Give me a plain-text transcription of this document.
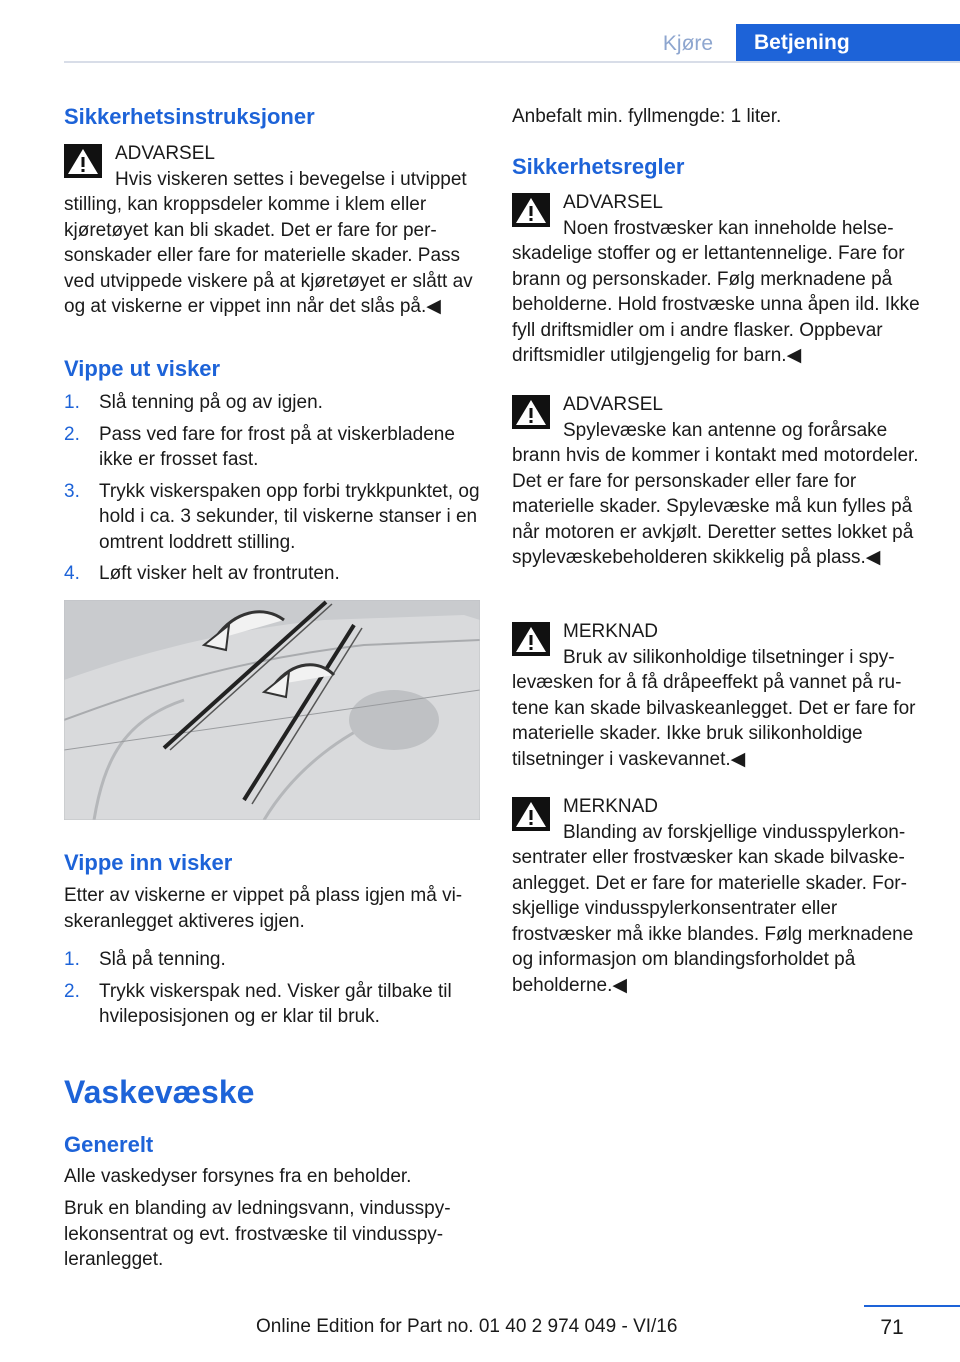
Kjøre	Betjening
Sikkerhetsinstruksjoner
ADVARSEL
Hvis viskeren settes i bevegelse i utvippet stilling, kan kroppsdeler komme i klem eller kjøretøyet kan bli skadet. Det er fare for personskader eller fare for materielle skader. Pass ved utvippede viskere på at kjøretøyet er slått av og at viskerne er vippet inn når det slås på.◀
Vippe ut visker
1. Slå tenning på og av igjen.
2. Pass ved fare for frost på at viskerbladene ikke er frosset fast.
3. Trykk viskerspaken opp forbi trykkpunktet, og hold i ca. 3 sekunder, til viskerne stanser i en omtrent loddrett stilling.
4. Løft visker helt av frontruten.
Vippe inn visker

Etter av viskerne er vippet på plass igjen må viskeranlegget aktiveres igjen.

1. Slå på tenning.
2. Trykk viskerspak ned. Visker går tilbake til hvileposisjonen og er klar til bruk.
Vaskevæske
Generelt

Alle vaskedyser forsynes fra en beholder.

Bruk en blanding av ledningsvann, vindusspylekonsentrat og evt. frostvæske til vindusspyleranlegget.

Anbefalt min. fyllmengde: 1 liter.

Sikkerhetsregler
ADVARSEL
Noen frostvæsker kan inneholde helseskadelige stoffer og er lettantennelige. Fare for brann og personskader. Følg merknadene på beholderne. Hold frostvæske unna åpen ild. Ikke fyll driftsmidler om i andre flasker. Oppbevar driftsmidler utilgjengelig for barn.◀
ADVARSEL
Spylevæske kan antenne og forårsake brann hvis de kommer i kontakt med motordeler. Det er fare for personskader eller fare for materielle skader. Spylevæske må kun fylles på når motoren er avkjølt. Deretter settes lokket på spylevæskebeholderen skikkelig på plass.◀
MERKNAD
Bruk av silikonholdige tilsetninger i spylevæsken for å få dråpeeffekt på vannet på rutene kan skade bilvaskeanlegget. Det er fare for materielle skader. Ikke bruk silikonholdige tilsetninger i vaskevannet.◀
MERKNAD
Blanding av forskjellige vindusspylerkonsentrater eller frostvæsker kan skade bilvaskeanlegget. Det er fare for materielle skader. Forskjellige vindusspylerkonsentrater eller frostvæsker må ikke blandes. Følg merknadene og informasjon om blandingsforholdet på beholderne.◀
71
Online Edition for Part no. 01 40 2 974 049 - VI/16
